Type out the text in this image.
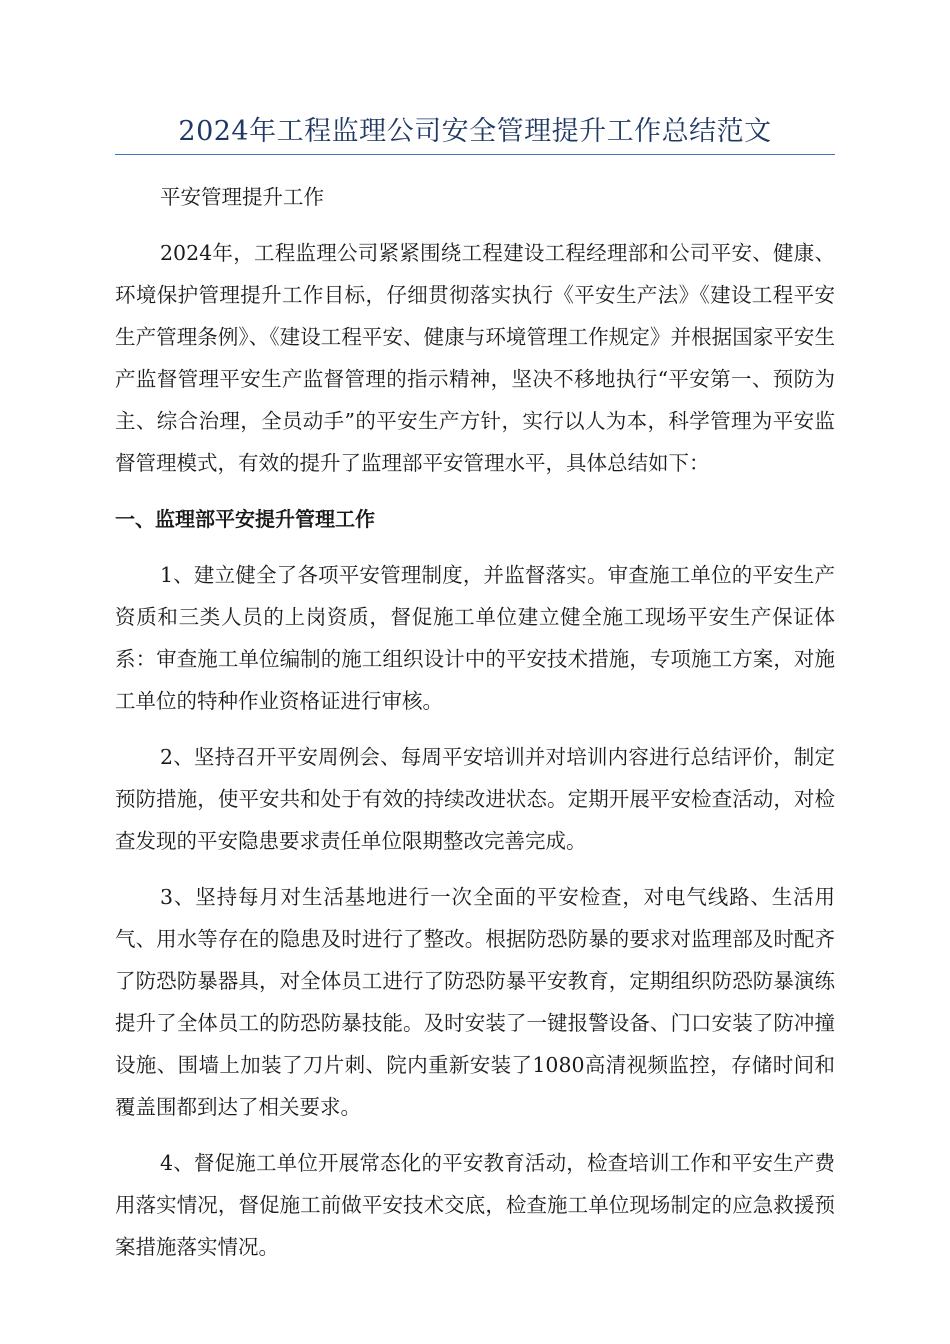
2024年工程监理公司安全管理提升工作总结范文

平安管理提升工作

2024年，工程监理公司紧紧围绕工程建设工程经理部和公司平安、健康、环境保护管理提升工作目标，仔细贯彻落实执行《平安生产法》《建设工程平安生产管理条例》、《建设工程平安、健康与环境管理工作规定》并根据国家平安生产监督管理平安生产监督管理的指示精神，坚决不移地执行“平安第一、预防为主、综合治理，全员动手”的平安生产方针，实行以人为本，科学管理为平安监督管理模式，有效的提升了监理部平安管理水平，具体总结如下：

一、监理部平安提升管理工作

1、建立健全了各项平安管理制度，并监督落实。审查施工单位的平安生产资质和三类人员的上岗资质，督促施工单位建立健全施工现场平安生产保证体系：审查施工单位编制的施工组织设计中的平安技术措施，专项施工方案，对施工单位的特种作业资格证进行审核。

2、坚持召开平安周例会、每周平安培训并对培训内容进行总结评价，制定预防措施，使平安共和处于有效的持续改进状态。定期开展平安检查活动，对检查发现的平安隐患要求责任单位限期整改完善完成。

3、坚持每月对生活基地进行一次全面的平安检查，对电气线路、生活用气、用水等存在的隐患及时进行了整改。根据防恐防暴的要求对监理部及时配齐了防恐防暴器具，对全体员工进行了防恐防暴平安教育，定期组织防恐防暴演练提升了全体员工的防恐防暴技能。及时安装了一键报警设备、门口安装了防冲撞设施、围墙上加装了刀片刺、院内重新安装了1080高清视频监控，存储时间和覆盖围都到达了相关要求。

4、督促施工单位开展常态化的平安教育活动，检查培训工作和平安生产费用落实情况，督促施工前做平安技术交底，检查施工单位现场制定的应急救援预案措施落实情况。
